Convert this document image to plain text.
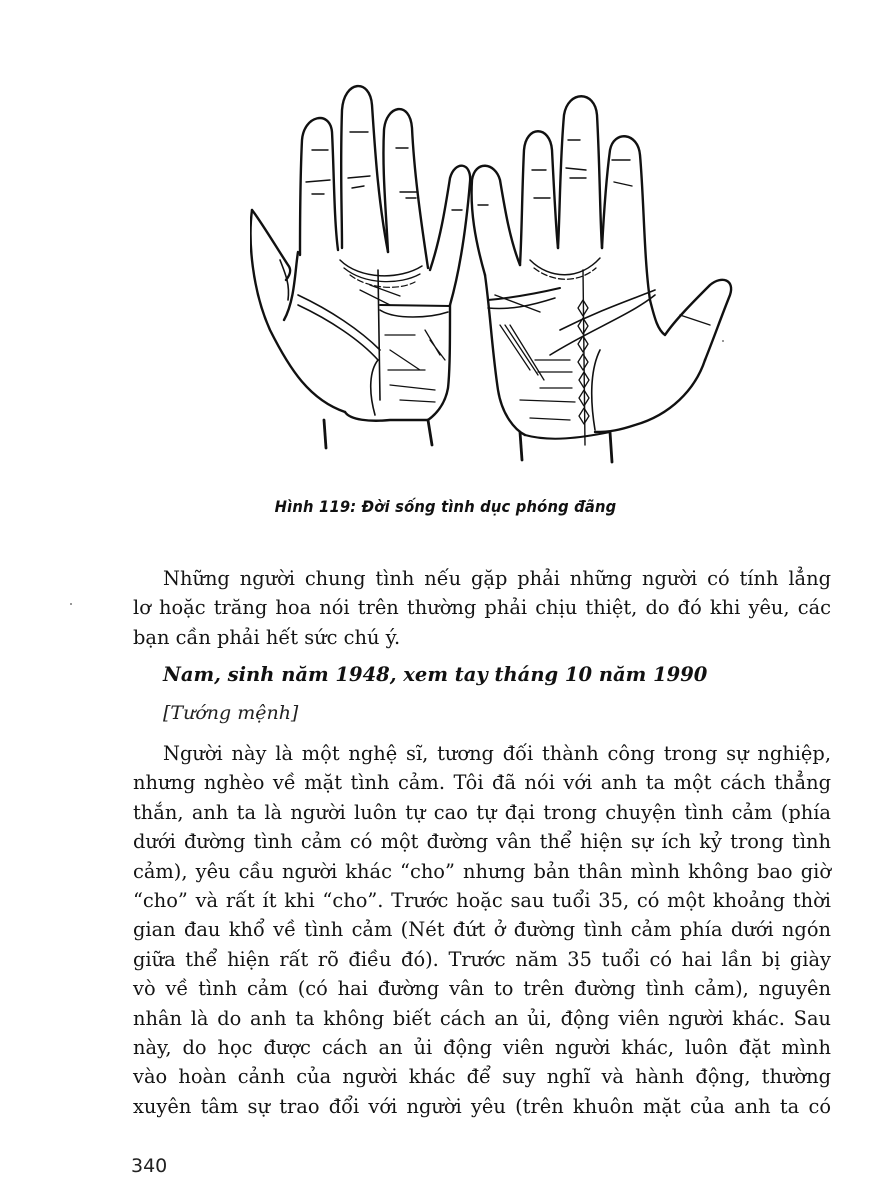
Hình 119: Đời sống tình dục phóng đãng
Những người chung tình nếu gặp phải những người có tính lẳng
lơ hoặc trăng hoa nói trên thường phải chịu thiệt, do đó khi yêu, các
bạn cần phải hết sức chú ý.
Nam, sinh năm 1948, xem tay tháng 10 năm 1990
[Tướng mệnh]
Người này là một nghệ sĩ, tương đối thành công trong sự nghiệp,
nhưng nghèo về mặt tình cảm. Tôi đã nói với anh ta một cách thẳng
thắn, anh ta là người luôn tự cao tự đại trong chuyện tình cảm (phía
dưới đường tình cảm có một đường vân thể hiện sự ích kỷ trong tình
cảm), yêu cầu người khác “cho” nhưng bản thân mình không bao giờ
“cho” và rất ít khi “cho”. Trước hoặc sau tuổi 35, có một khoảng thời
gian đau khổ về tình cảm (Nét đứt ở đường tình cảm phía dưới ngón
giữa thể hiện rất rõ điều đó). Trước năm 35 tuổi có hai lần bị giày
vò về tình cảm (có hai đường vân to trên đường tình cảm), nguyên
nhân là do anh ta không biết cách an ủi, động viên người khác. Sau
này, do học được cách an ủi động viên người khác, luôn đặt mình
vào hoàn cảnh của người khác để suy nghĩ và hành động, thường
xuyên tâm sự trao đổi với người yêu (trên khuôn mặt của anh ta có
340
